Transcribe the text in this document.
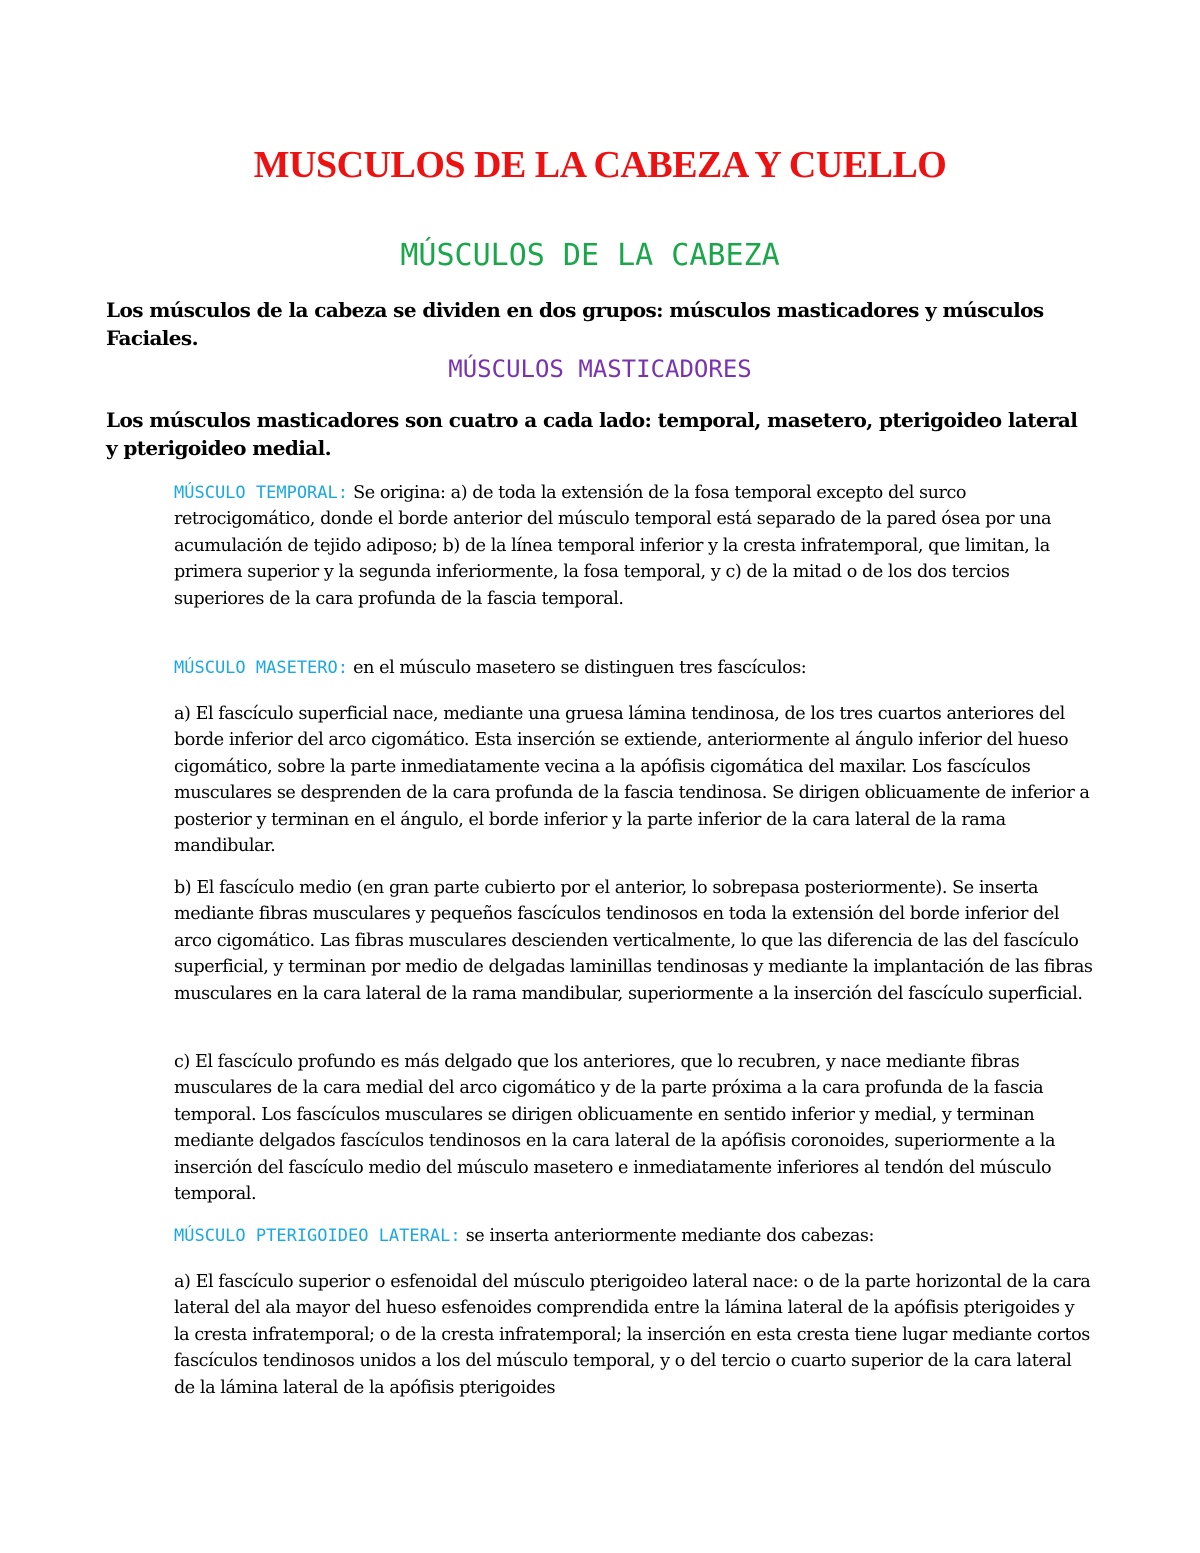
MUSCULOS DE LA CABEZA Y CUELLO
MÚSCULOS DE LA CABEZA
Los músculos de la cabeza se dividen en dos grupos: músculos masticadores y músculos Faciales.
MÚSCULOS MASTICADORES
Los músculos masticadores son cuatro a cada lado: temporal, masetero, pterigoideo lateral y pterigoideo medial.

MÚSCULO TEMPORAL: Se origina: a) de toda la extensión de la fosa temporal excepto del surco retrocigomático, donde el borde anterior del músculo temporal está separado de la pared ósea por una acumulación de tejido adiposo; b) de la línea temporal inferior y la cresta infratemporal, que limitan, la primera superior y la segunda inferiormente, la fosa temporal, y c) de la mitad o de los dos tercios superiores de la cara profunda de la fascia temporal.

MÚSCULO MASETERO: en el músculo masetero se distinguen tres fascículos:

a) El fascículo superficial nace, mediante una gruesa lámina tendinosa, de los tres cuartos anteriores del borde inferior del arco cigomático. Esta inserción se extiende, anteriormente al ángulo inferior del hueso cigomático, sobre la parte inmediatamente vecina a la apófisis cigomática del maxilar. Los fascículos musculares se desprenden de la cara profunda de la fascia tendinosa. Se dirigen oblicuamente de inferior a posterior y terminan en el ángulo, el borde inferior y la parte inferior de la cara lateral de la rama mandibular.

b) El fascículo medio (en gran parte cubierto por el anterior, lo sobrepasa posteriormente). Se inserta mediante fibras musculares y pequeños fascículos tendinosos en toda la extensión del borde inferior del arco cigomático. Las fibras musculares descienden verticalmente, lo que las diferencia de las del fascículo superficial, y terminan por medio de delgadas laminillas tendinosas y mediante la implantación de las fibras musculares en la cara lateral de la rama mandibular, superiormente a la inserción del fascículo superficial.

c) El fascículo profundo es más delgado que los anteriores, que lo recubren, y nace mediante fibras musculares de la cara medial del arco cigomático y de la parte próxima a la cara profunda de la fascia temporal. Los fascículos musculares se dirigen oblicuamente en sentido inferior y medial, y terminan mediante delgados fascículos tendinosos en la cara lateral de la apófisis coronoides, superiormente a la inserción del fascículo medio del músculo masetero e inmediatamente inferiores al tendón del músculo temporal.

MÚSCULO PTERIGOIDEO LATERAL: se inserta anteriormente mediante dos cabezas:

a) El fascículo superior o esfenoidal del músculo pterigoideo lateral nace: o de la parte horizontal de la cara lateral del ala mayor del hueso esfenoides comprendida entre la lámina lateral de la apófisis pterigoides y la cresta infratemporal; o de la cresta infratemporal; la inserción en esta cresta tiene lugar mediante cortos fascículos tendinosos unidos a los del músculo temporal, y o del tercio o cuarto superior de la cara lateral de la lámina lateral de la apófisis pterigoides
